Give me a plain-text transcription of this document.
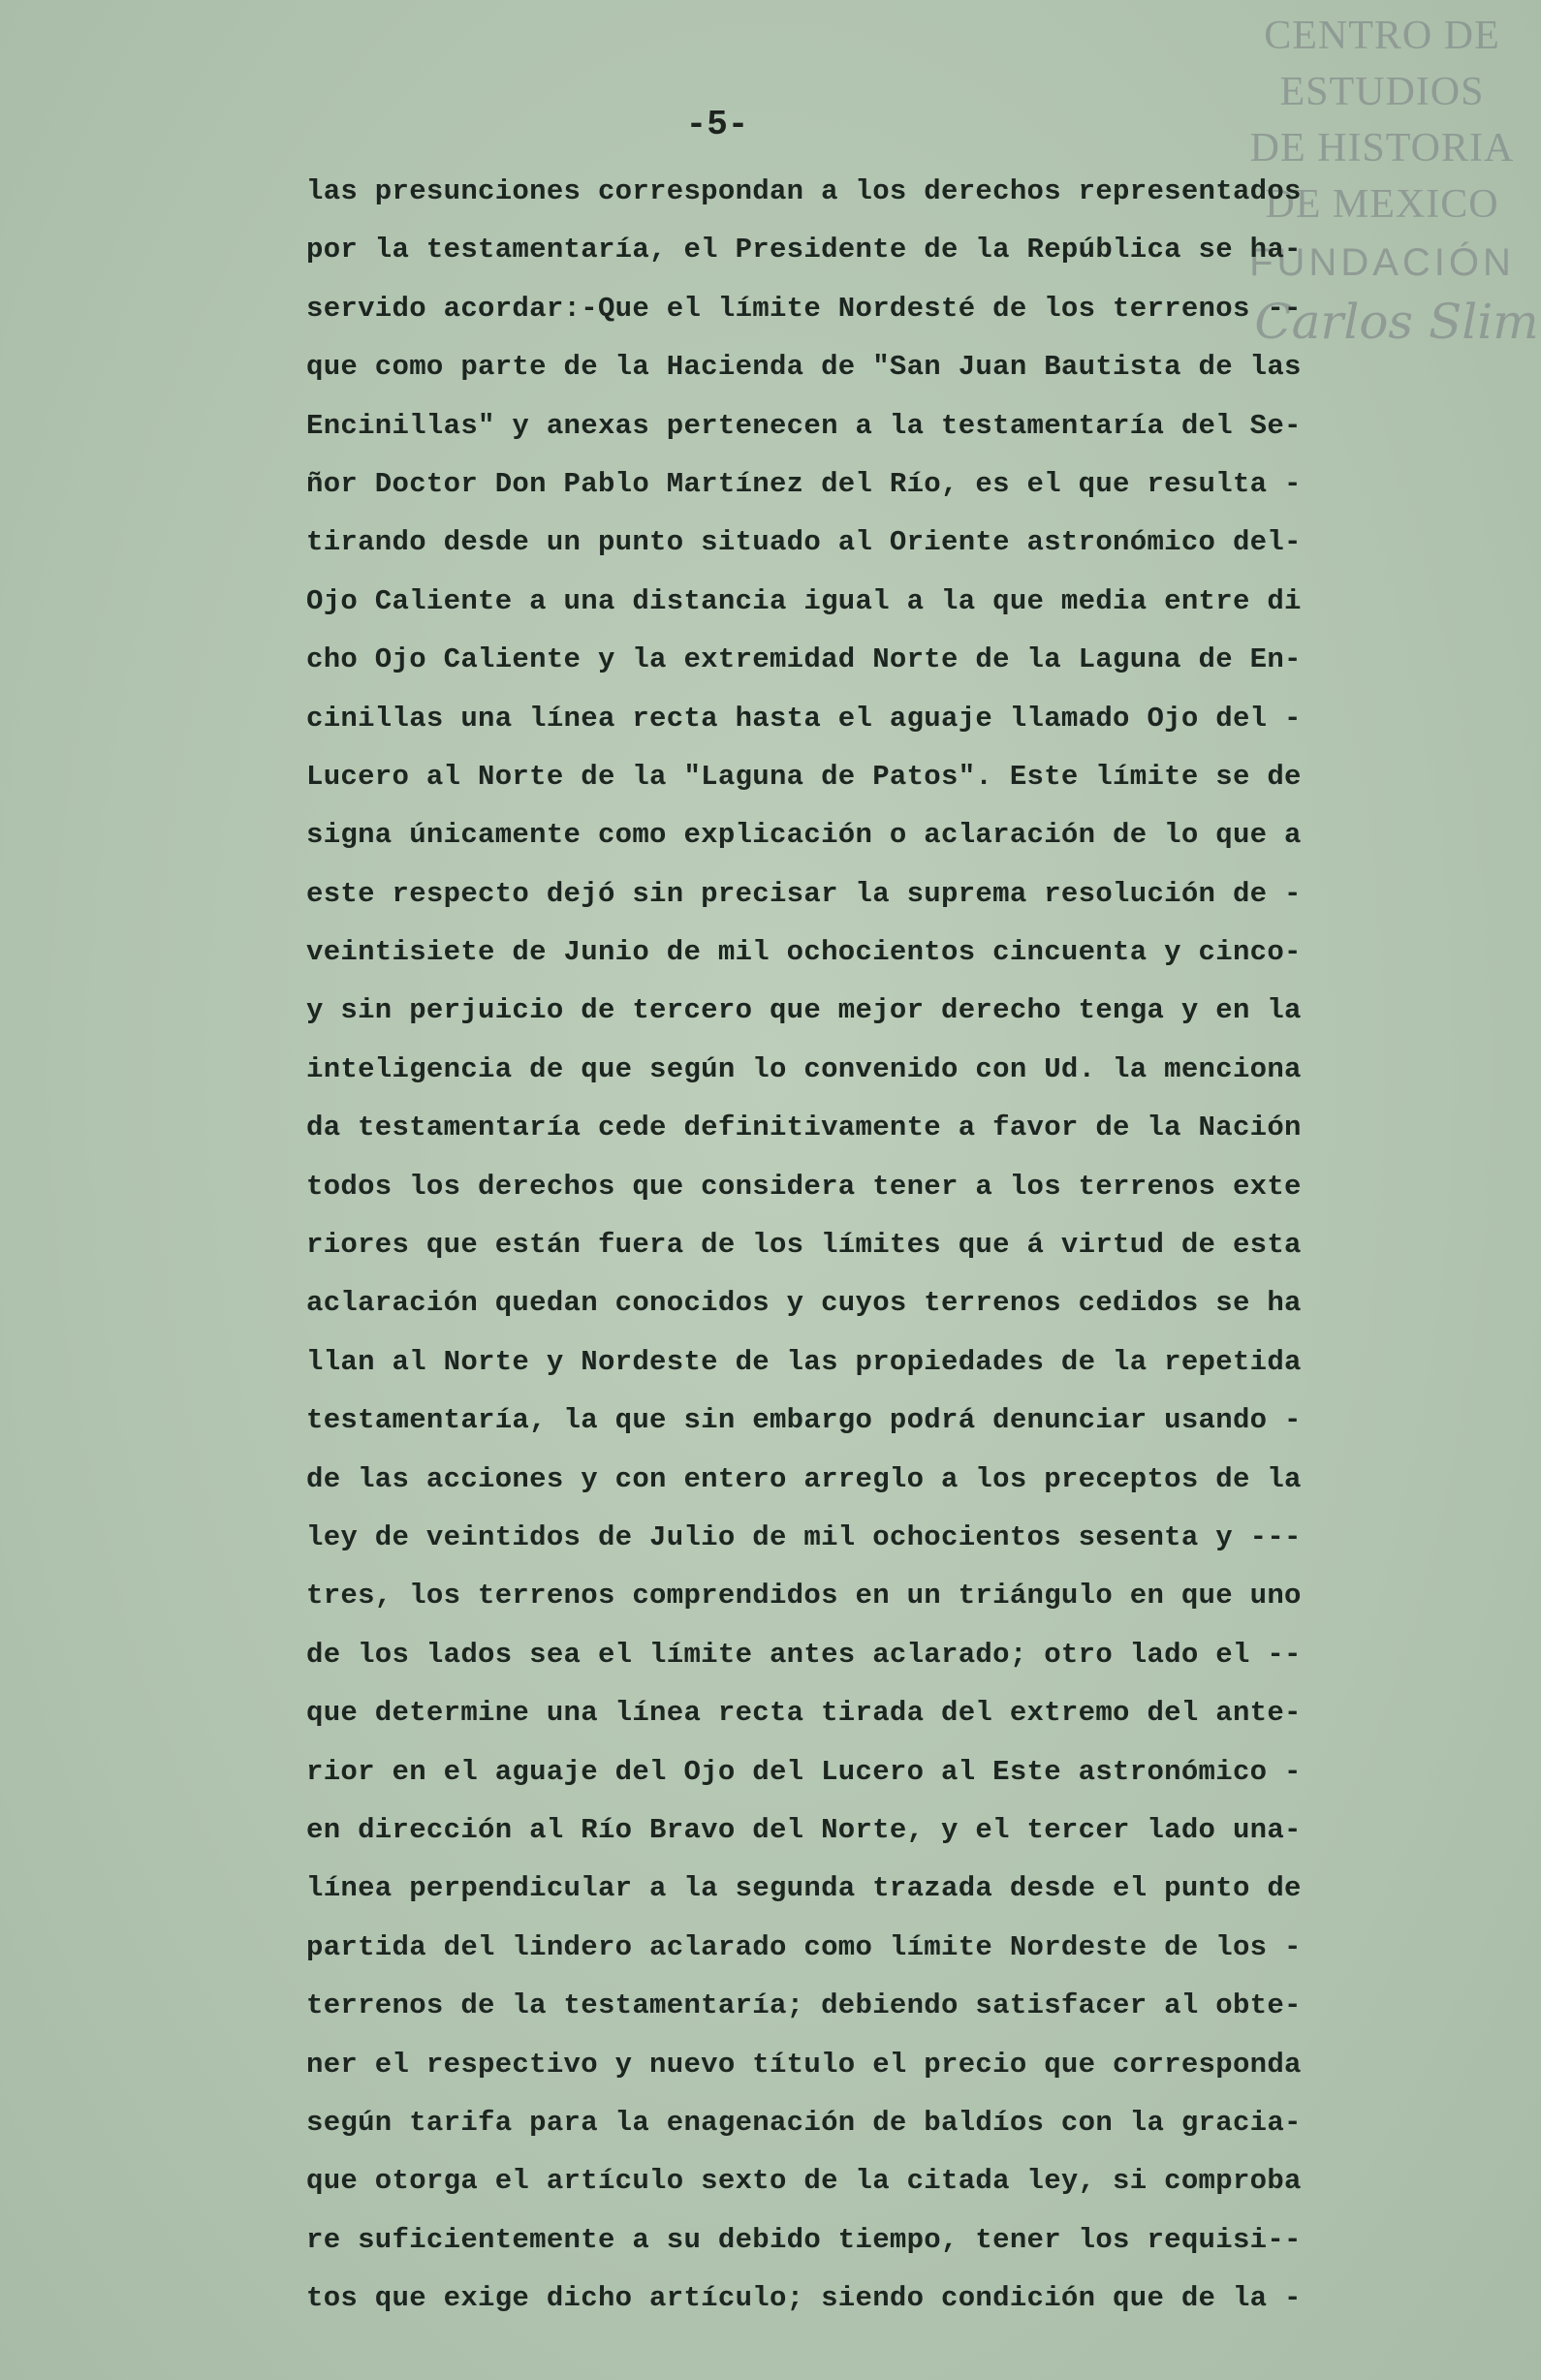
CENTRO DE
ESTUDIOS
DE HISTORIA
DE MEXICO
FUNDACIÓN
Carlos Slim
-5-
las presunciones correspondan a los derechos representados
por la testamentaría, el Presidente de la República se ha-
servido acordar:-Que el límite Nordesté de los terrenos --
que como parte de la Hacienda de "San Juan Bautista de las
Encinillas" y anexas pertenecen a la testamentaría del Se-
ñor Doctor Don Pablo Martínez del Río, es el que resulta -
tirando desde un punto situado al Oriente astronómico del-
Ojo Caliente a una distancia igual a la que media entre di
cho Ojo Caliente y la extremidad Norte de la Laguna de En-
cinillas una línea recta hasta el aguaje llamado Ojo del -
Lucero al Norte de la "Laguna de Patos". Este límite se de
signa únicamente como explicación o aclaración de lo que a
este respecto dejó sin precisar la suprema resolución de -
veintisiete de Junio de mil ochocientos cincuenta y cinco-
y sin perjuicio de tercero que mejor derecho tenga y en la
inteligencia de que según lo convenido con Ud. la menciona
da testamentaría cede definitivamente a favor de la Nación
todos los derechos que considera tener a los terrenos exte
riores que están fuera de los límites que á virtud de esta
aclaración quedan conocidos y cuyos terrenos cedidos se ha
llan al Norte y Nordeste de las propiedades de la repetida
testamentaría, la que sin embargo podrá denunciar usando -
de las acciones y con entero arreglo a los preceptos de la
ley de veintidos de Julio de mil ochocientos sesenta y ---
tres, los terrenos comprendidos en un triángulo en que uno
de los lados sea el límite antes aclarado; otro lado el --
que determine una línea recta tirada del extremo del ante-
rior en el aguaje del Ojo del Lucero al Este astronómico -
en dirección al Río Bravo del Norte, y el tercer lado una-
línea perpendicular a la segunda trazada desde el punto de
partida del lindero aclarado como límite Nordeste de los -
terrenos de la testamentaría; debiendo satisfacer al obte-
ner el respectivo y nuevo título el precio que corresponda
según tarifa para la enagenación de baldíos con la gracia-
que otorga el artículo sexto de la citada ley, si comproba
re suficientemente a su debido tiempo, tener los requisi--
tos que exige dicho artículo; siendo condición que de la -
